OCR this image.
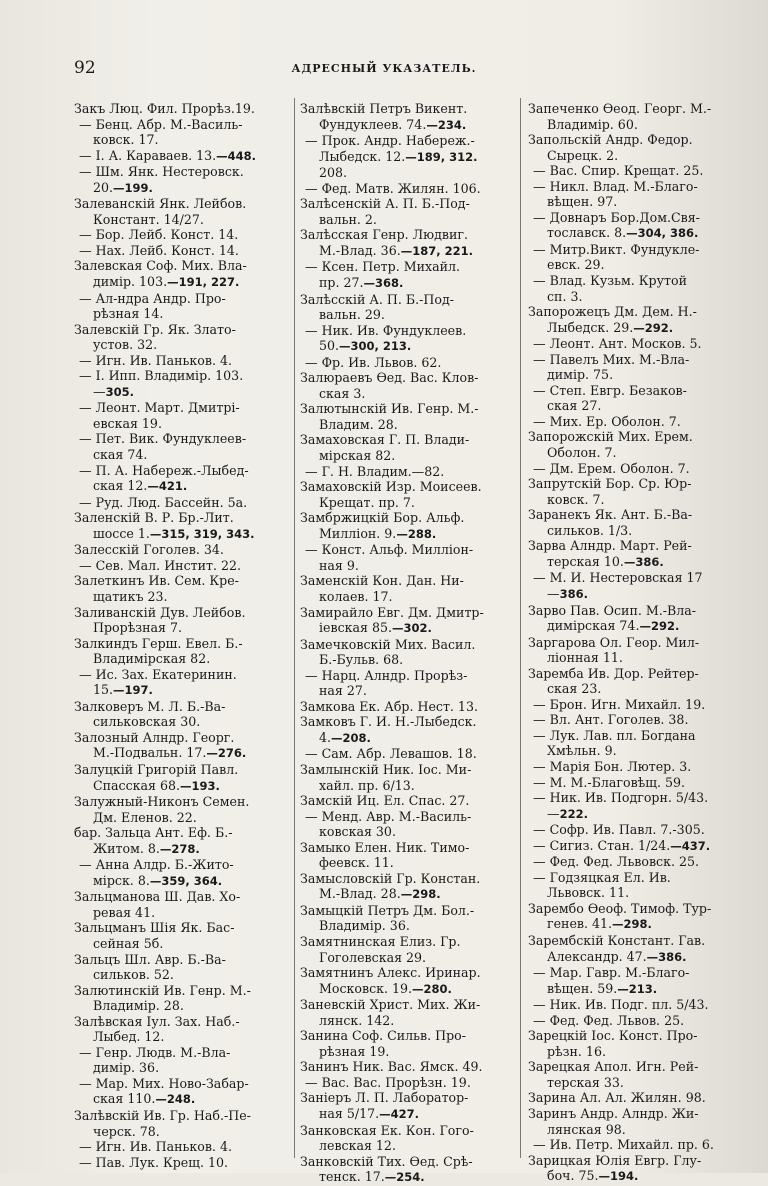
92	АДРЕСНЫЙ УКАЗАТЕЛЬ.
Закъ Люц. Фил. Прорѣз.19.
— Бенц. Абр. М.-Василь-
ковск. 17.
— І. А. Караваев. 13.—448.
— Шм. Янк. Нестеровск.
20.—199.
Залеванскій Янк. Лейбов.
Констант. 14/27.
— Бор. Лейб. Конст. 14.
— Нах. Лейб. Конст. 14.
Залевская Соф. Мих. Вла-
димір. 103.—191, 227.
— Ал-ндра Андр. Про-
рѣзная 14.
Залевскій Гр. Як. Злато-
устов. 32.
— Игн. Ив. Паньков. 4.
— І. Ипп. Владимір. 103.
—305.
— Леонт. Март. Дмитрі-
евская 19.
— Пет. Вик. Фундуклеев-
ская 74.
— П. А. Набереж.-Лыбед-
ская 12.—421.
— Руд. Люд. Бассейн. 5а.
Заленскій В. Р. Бр.-Лит.
шоссе 1.—315, 319, 343.
Залесскій Гоголев. 34.
— Сев. Мал. Инстит. 22.
Залеткинъ Ив. Сем. Кре-
щатикъ 23.
Заливанскій Дув. Лейбов.
Прорѣзная 7.
Залкиндъ Герш. Евел. Б.-
Владимірская 82.
— Ис. Зах. Екатеринин.
15.—197.
Залковеръ М. Л. Б.-Ва-
сильковская 30.
Залозный Алндр. Георг.
М.-Подвальн. 17.—276.
Залуцкій Григорій Павл.
Спасская 68.—193.
Залужный-Никонъ Семен.
Дм. Еленов. 22.
бар. Зальца Ант. Еф. Б.-
Житом. 8.—278.
— Анна Алдр. Б.-Жито-
мірск. 8.—359, 364.
Зальцманова Ш. Дав. Хо-
ревая 41.
Зальцманъ Шія Як. Бас-
сейная 5б.
Зальцъ Шл. Авр. Б.-Ва-
сильков. 52.
Залютинскій Ив. Генр. М.-
Владимір. 28.
Залѣвская Іул. Зах. Наб.-
Лыбед. 12.
— Генр. Людв. М.-Вла-
димір. 36.
— Мар. Мих. Ново-Забар-
ская 110.—248.
Залѣвскій Ив. Гр. Наб.-Пе-
черск. 78.
— Игн. Ив. Паньков. 4.
— Пав. Лук. Крещ. 10.
Залѣвскій Петръ Викент.
Фундуклеев. 74.—234.
— Прок. Андр. Набереж.-
Лыбедск. 12.—189, 312.
208.
— Фед. Матв. Жилян. 106.
Залѣсенскій А. П. Б.-Под-
вальн. 2.
Залѣсская Генр. Людвиг.
М.-Влад. 36.—187, 221.
— Ксен. Петр. Михайл.
пр. 27.—368.
Залѣсскій А. П. Б.-Под-
вальн. 29.
— Ник. Ив. Фундуклеев.
50.—300, 213.
— Фр. Ив. Львов. 62.
Залюраевъ Ѳед. Вас. Клов-
ская 3.
Залютынскій Ив. Генр. М.-
Владим. 28.
Замаховская Г. П. Влади-
мірская 82.
— Г. Н. Владим.—82.
Замаховскій Изр. Моисеев.
Крещат. пр. 7.
Замбржицкій Бор. Альф.
Милліон. 9.—288.
— Конст. Альф. Милліон-
ная 9.
Заменскій Кон. Дан. Ни-
колаев. 17.
Замирайло Евг. Дм. Дмитр-
іевская 85.—302.
Замечковскій Мих. Васил.
Б.-Бульв. 68.
— Нарц. Алндр. Прорѣз-
ная 27.
Замкова Ек. Абр. Нест. 13.
Замковъ Г. И. Н.-Лыбедск.
4.—208.
— Сам. Абр. Левашов. 18.
Замлынскій Ник. Іос. Ми-
хайл. пр. 6/13.
Замскій Иц. Ел. Спас. 27.
— Менд. Авр. М.-Василь-
ковская 30.
Замыко Елен. Ник. Тимо-
феевск. 11.
Замысловскій Гр. Констан.
М.-Влад. 28.—298.
Замыцкій Петръ Дм. Бол.-
Владимір. 36.
Замятнинская Елиз. Гр.
Гоголевская 29.
Замятнинъ Алекс. Иринар.
Московск. 19.—280.
Заневскій Христ. Мих. Жи-
лянск. 142.
Занина Соф. Сильв. Про-
рѣзная 19.
Занинъ Ник. Вас. Ямск. 49.
— Вас. Вас. Прорѣзн. 19.
Заніеръ Л. П. Лаборатор-
ная 5/17.—427.
Занковская Ек. Кон. Гого-
левская 12.
Занковскій Тих. Ѳед. Срѣ-
тенск. 17.—254.
Запеченко Ѳеод. Георг. М.-
Владимір. 60.
Запольскій Андр. Федор.
Сырецк. 2.
— Вас. Спир. Крещат. 25.
— Никл. Влад. М.-Благо-
вѣщен. 97.
— Довнаръ Бор.Дом.Свя-
тославск. 8.—304, 386.
— Митр.Викт. Фундукле-
евск. 29.
— Влад. Кузьм. Крутой
сп. 3.
Запорожецъ Дм. Дем. Н.-
Лыбедск. 29.—292.
— Леонт. Ант. Москов. 5.
— Павелъ Мих. М.-Вла-
димір. 75.
— Степ. Евгр. Безаков-
ская 27.
— Мих. Ер. Оболон. 7.
Запорожскій Мих. Ерем.
Оболон. 7.
— Дм. Ерем. Оболон. 7.
Запрутскій Бор. Ср. Юр-
ковск. 7.
Заранекъ Як. Ант. Б.-Ва-
сильков. 1/3.
Зарва Алндр. Март. Рей-
терская 10.—386.
— М. И. Нестеровская 17
—386.
Зарво Пав. Осип. М.-Вла-
димірская 74.—292.
Заргарова Ол. Геор. Мил-
ліонная 11.
Заремба Ив. Дор. Рейтер-
ская 23.
— Брон. Игн. Михайл. 19.
— Вл. Ант. Гоголев. 38.
— Лук. Лав. пл. Богдана
Хмѣльн. 9.
— Марія Бон. Лютер. 3.
— М. М.-Благовѣщ. 59.
— Ник. Ив. Подгорн. 5/43.
—222.
— Софр. Ив. Павл. 7.-305.
— Сигиз. Стан. 1/24.—437.
— Фед. Фед. Львовск. 25.
— Годзяцкая Ел. Ив.
Львовск. 11.
Зарембо Ѳеоф. Тимоф. Тур-
генев. 41.—298.
Зарембскій Констант. Гав.
Александр. 47.—386.
— Мар. Гавр. М.-Благо-
вѣщен. 59.—213.
— Ник. Ив. Подг. пл. 5/43.
— Фед. Фед. Львов. 25.
Зарецкій Іос. Конст. Про-
рѣзн. 16.
Зарецкая Апол. Игн. Рей-
терская 33.
Зарина Ал. Ал. Жилян. 98.
Заринъ Андр. Алндр. Жи-
лянская 98.
— Ив. Петр. Михайл. пр. 6.
Зарицкая Юлія Евгр. Глу-
боч. 75.—194.
